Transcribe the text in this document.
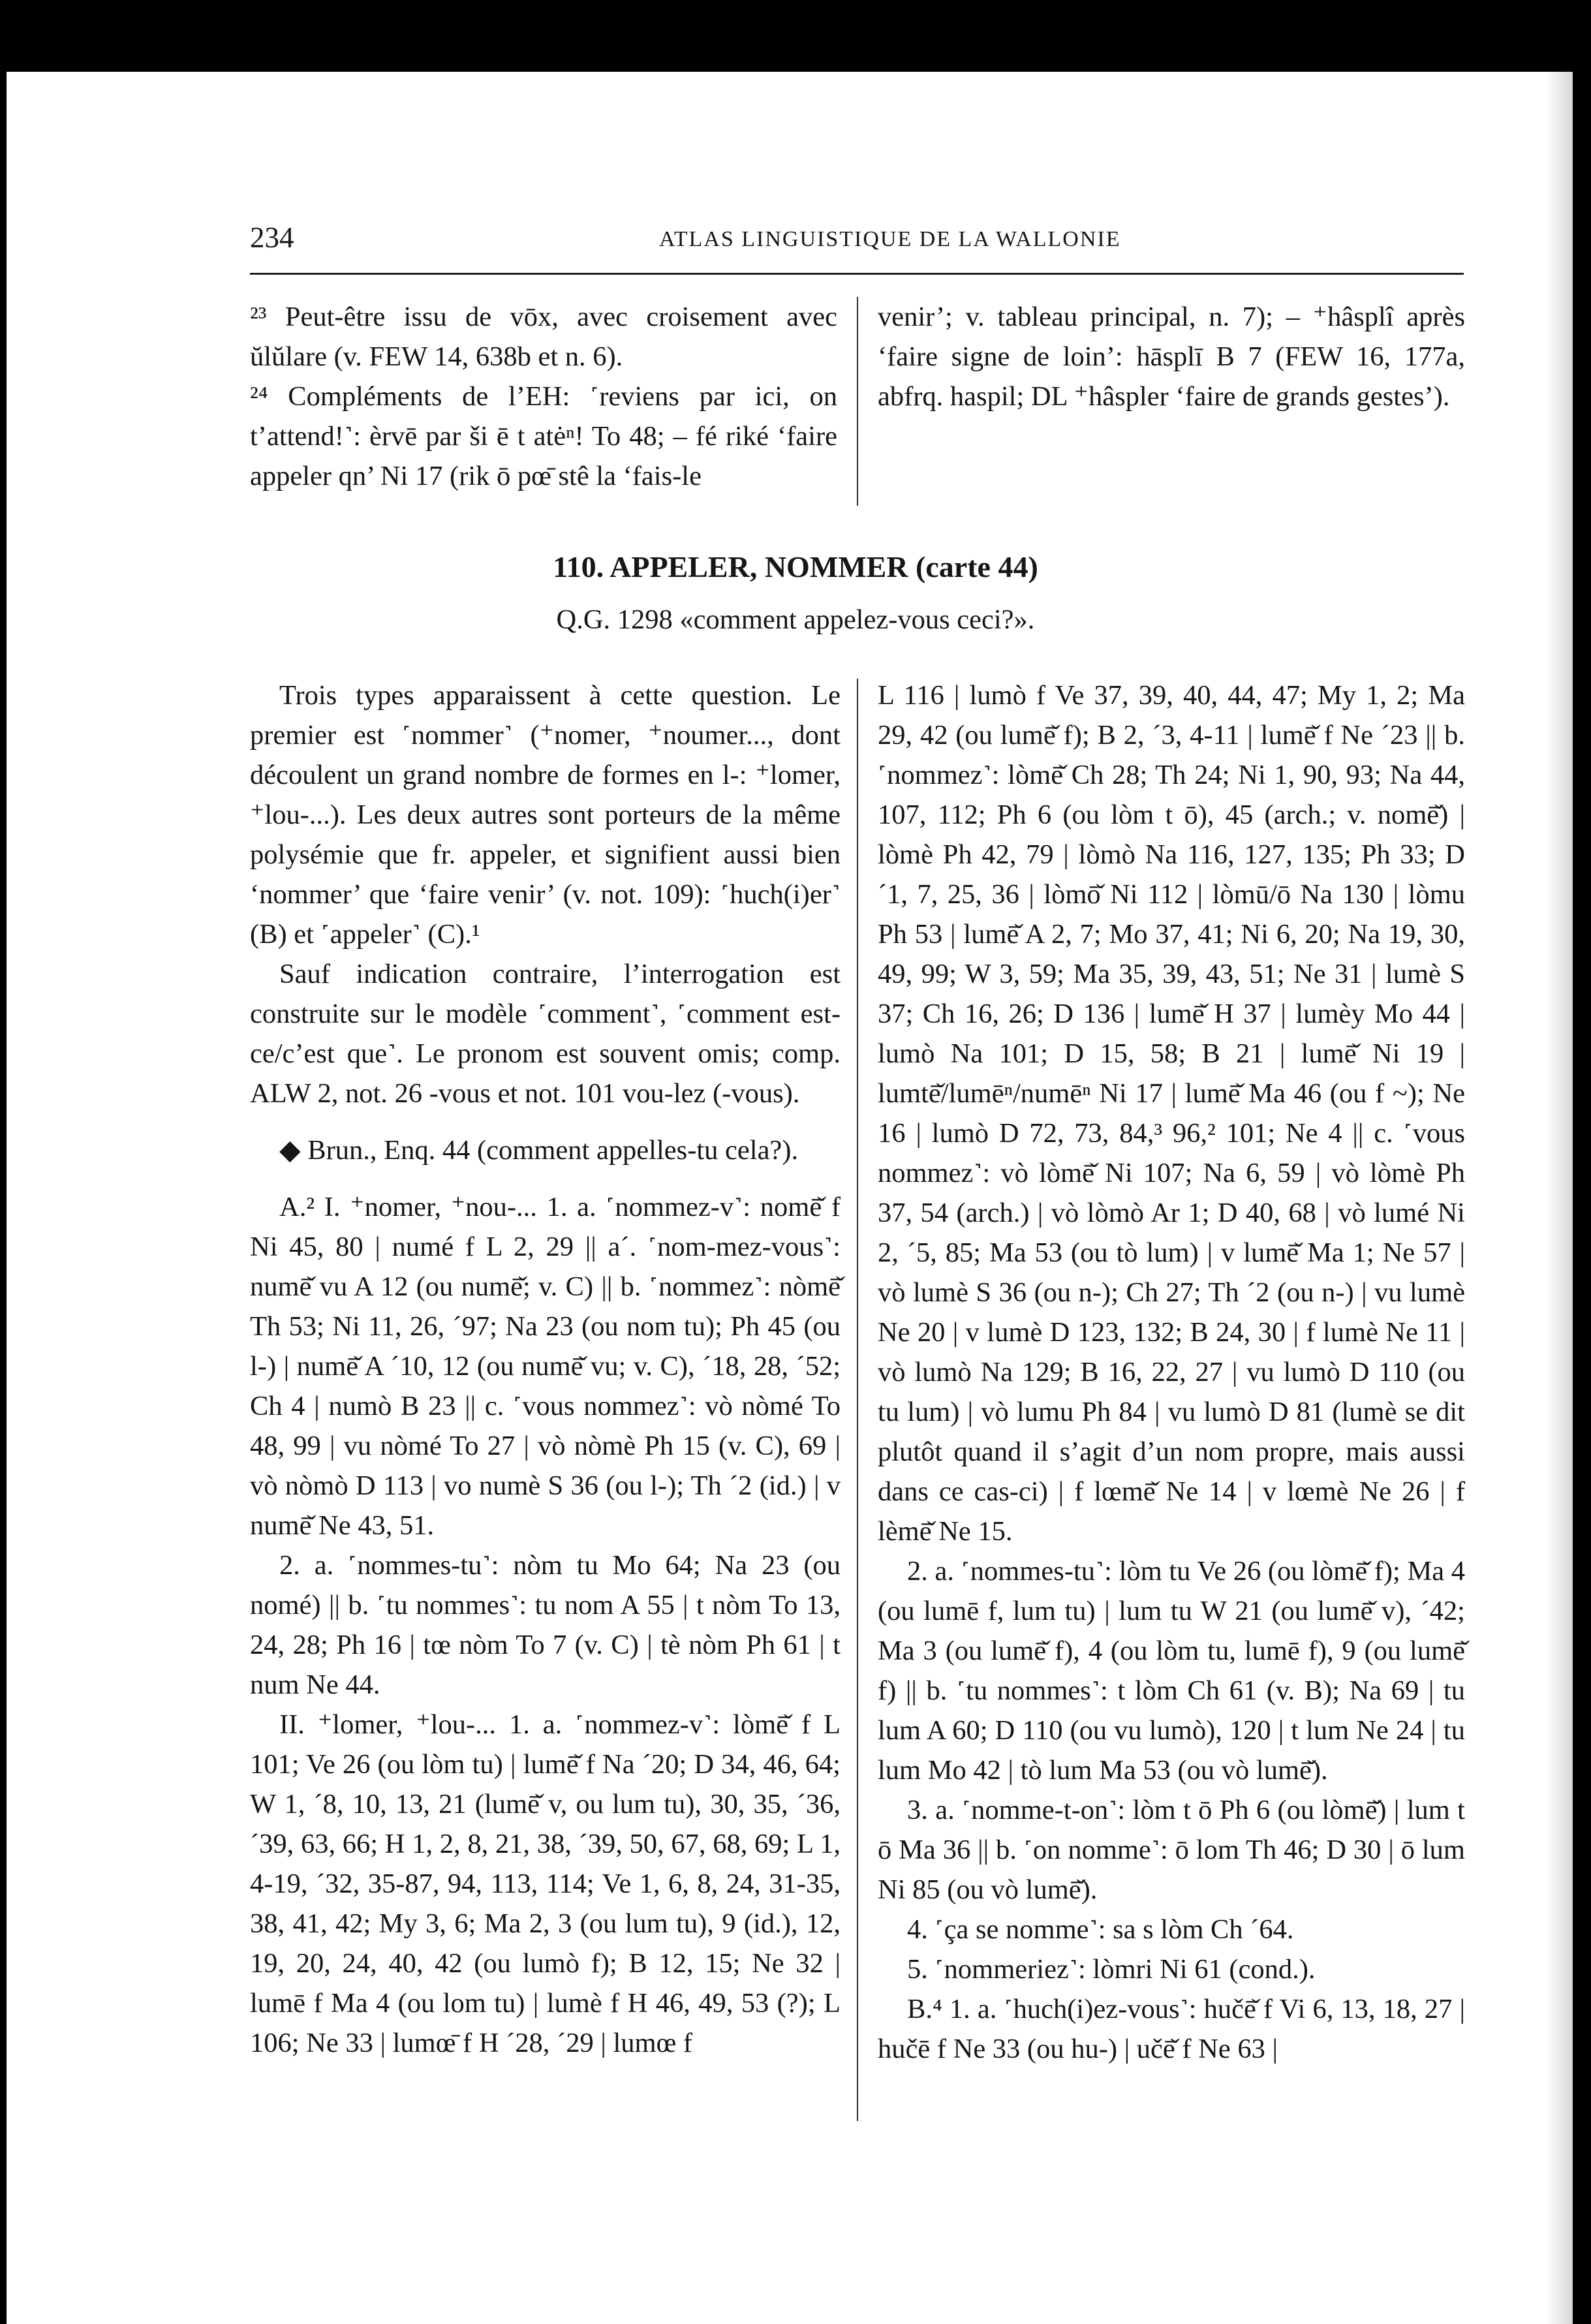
234	ATLAS LINGUISTIQUE DE LA WALLONIE

²³ Peut-être issu de vōx, avec croisement avec ŭlŭlare (v. FEW 14, 638b et n. 6).

²⁴ Compléments de l’EH: ˹reviens par ici, on t’attend!˺: èrvē par ši ē t atėⁿ! To 48; – fé riké ‘faire appeler qn’ Ni 17 (rik ō pœ̄ stê la ‘fais-le

venir’; v. tableau principal, n. 7); – ⁺hâsplî après ‘faire signe de loin’: hāsplī B 7 (FEW 16, 177a, abfrq. haspil; DL ⁺hâspler ‘faire de grands gestes’).

110. APPELER, NOMMER (carte 44)
Q.G. 1298 «comment appelez-vous ceci?».

Trois types apparaissent à cette question. Le premier est ˹nommer˺ (⁺nomer, ⁺noumer..., dont découlent un grand nombre de formes en l-: ⁺lomer, ⁺lou-...). Les deux autres sont porteurs de la même polysémie que fr. appeler, et signifient aussi bien ‘nommer’ que ‘faire venir’ (v. not. 109): ˹huch(i)er˺ (B) et ˹appeler˺ (C).¹

Sauf indication contraire, l’interrogation est construite sur le modèle ˹comment˺, ˹comment est-ce/c’est que˺. Le pronom est souvent omis; comp. ALW 2, not. 26 -vous et not. 101 vou-lez (-vous).

◆ Brun., Enq. 44 (comment appelles-tu cela?).

A.² I. ⁺nomer, ⁺nou-... 1. a. ˹nommez-v˺: nomē̌ f Ni 45, 80 | numé f L 2, 29 || a´. ˹nom-mez-vous˺: numē̌ vu A 12 (ou numē̌; v. C) || b. ˹nommez˺: nòmē̌ Th 53; Ni 11, 26, ´97; Na 23 (ou nom tu); Ph 45 (ou l-) | numē̌ A ´10, 12 (ou numē̌ vu; v. C), ´18, 28, ´52; Ch 4 | numò B 23 || c. ˹vous nommez˺: vò nòmé To 48, 99 | vu nòmé To 27 | vò nòmè Ph 15 (v. C), 69 | vò nòmò D 113 | vo numè S 36 (ou l-); Th ´2 (id.) | v numē̌ Ne 43, 51.

2. a. ˹nommes-tu˺: nòm tu Mo 64; Na 23 (ou nomé) || b. ˹tu nommes˺: tu nom A 55 | t nòm To 13, 24, 28; Ph 16 | tœ nòm To 7 (v. C) | tè nòm Ph 61 | t num Ne 44.

II. ⁺lomer, ⁺lou-... 1. a. ˹nommez-v˺: lòmē̌ f L 101; Ve 26 (ou lòm tu) | lumē̌ f Na ´20; D 34, 46, 64; W 1, ´8, 10, 13, 21 (lumē̌ v, ou lum tu), 30, 35, ´36, ´39, 63, 66; H 1, 2, 8, 21, 38, ´39, 50, 67, 68, 69; L 1, 4-19, ´32, 35-87, 94, 113, 114; Ve 1, 6, 8, 24, 31-35, 38, 41, 42; My 3, 6; Ma 2, 3 (ou lum tu), 9 (id.), 12, 19, 20, 24, 40, 42 (ou lumò f); B 12, 15; Ne 32 | lumē f Ma 4 (ou lom tu) | lumè f H 46, 49, 53 (?); L 106; Ne 33 | lumœ̄ f H ´28, ´29 | lumœ f

L 116 | lumò f Ve 37, 39, 40, 44, 47; My 1, 2; Ma 29, 42 (ou lumē̌ f); B 2, ´3, 4-11 | lumē̌ f Ne ´23 || b. ˹nommez˺: lòmē̌ Ch 28; Th 24; Ni 1, 90, 93; Na 44, 107, 112; Ph 6 (ou lòm t ō), 45 (arch.; v. nomē̌) | lòmè Ph 42, 79 | lòmò Na 116, 127, 135; Ph 33; D ´1, 7, 25, 36 | lòmō̌ Ni 112 | lòmū/ō Na 130 | lòmu Ph 53 | lumē̌ A 2, 7; Mo 37, 41; Ni 6, 20; Na 19, 30, 49, 99; W 3, 59; Ma 35, 39, 43, 51; Ne 31 | lumè S 37; Ch 16, 26; D 136 | lumē̌ H 37 | lumèy Mo 44 | lumò Na 101; D 15, 58; B 21 | lumē̌ Ni 19 | lumtē̌/lumēⁿ/numēⁿ Ni 17 | lumē̌ Ma 46 (ou f ~); Ne 16 | lumò D 72, 73, 84,³ 96,² 101; Ne 4 || c. ˹vous nommez˺: vò lòmē̌ Ni 107; Na 6, 59 | vò lòmè Ph 37, 54 (arch.) | vò lòmò Ar 1; D 40, 68 | vò lumé Ni 2, ´5, 85; Ma 53 (ou tò lum) | v lumē̌ Ma 1; Ne 57 | vò lumè S 36 (ou n-); Ch 27; Th ´2 (ou n-) | vu lumè Ne 20 | v lumè D 123, 132; B 24, 30 | f lumè Ne 11 | vò lumò Na 129; B 16, 22, 27 | vu lumò D 110 (ou tu lum) | vò lumu Ph 84 | vu lumò D 81 (lumè se dit plutôt quand il s’agit d’un nom propre, mais aussi dans ce cas-ci) | f lœmē̌ Ne 14 | v lœmè Ne 26 | f lèmē̌ Ne 15.

2. a. ˹nommes-tu˺: lòm tu Ve 26 (ou lòmē̌ f); Ma 4 (ou lumē f, lum tu) | lum tu W 21 (ou lumē̌ v), ´42; Ma 3 (ou lumē̌ f), 4 (ou lòm tu, lumē f), 9 (ou lumē̌ f) || b. ˹tu nommes˺: t lòm Ch 61 (v. B); Na 69 | tu lum A 60; D 110 (ou vu lumò), 120 | t lum Ne 24 | tu lum Mo 42 | tò lum Ma 53 (ou vò lumē̌).

3. a. ˹nomme-t-on˺: lòm t ō Ph 6 (ou lòmē̌) | lum t ō Ma 36 || b. ˹on nomme˺: ō lom Th 46; D 30 | ō lum Ni 85 (ou vò lumē̌).

4. ˹ça se nomme˺: sa s lòm Ch ´64.

5. ˹nommeriez˺: lòmri Ni 61 (cond.).

B.⁴ 1. a. ˹huch(i)ez-vous˺: hučē̌ f Vi 6, 13, 18, 27 | hučē f Ne 33 (ou hu-) | učē̌ f Ne 63 |
